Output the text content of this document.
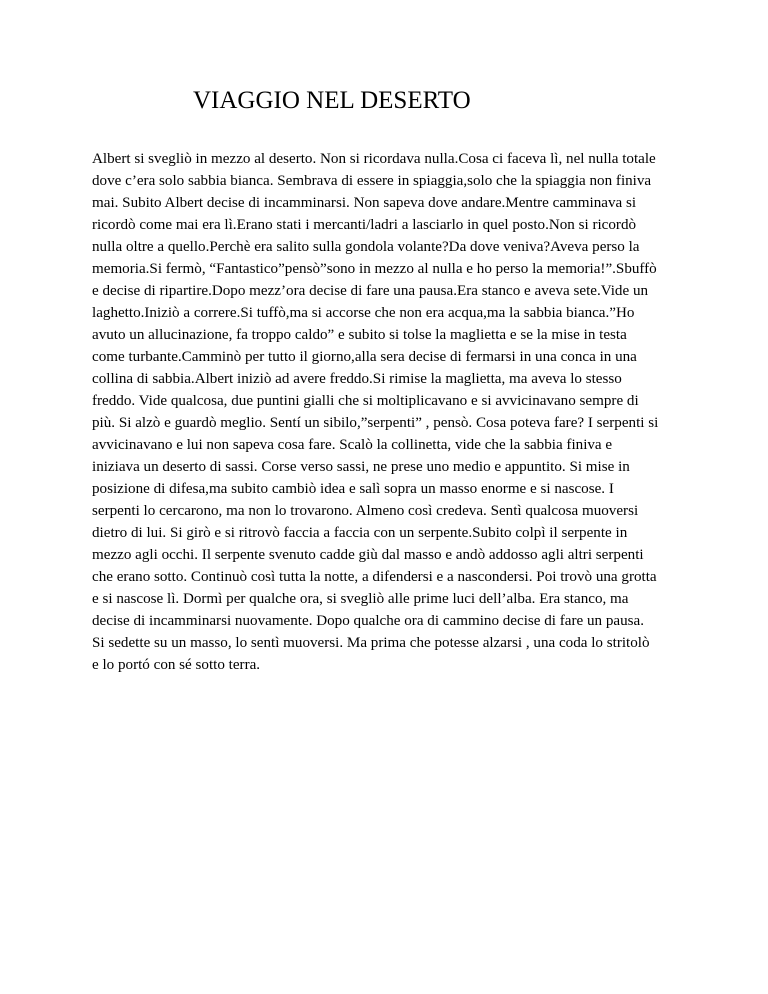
VIAGGIO NEL DESERTO
Albert si svegliò in mezzo al deserto. Non si ricordava nulla.Cosa ci faceva lì, nel nulla totale
dove c’era solo sabbia bianca. Sembrava di essere in spiaggia,solo che la spiaggia non finiva
mai. Subito Albert decise di incamminarsi. Non sapeva dove andare.Mentre camminava si
ricordò come mai era lì.Erano stati i mercanti/ladri a lasciarlo in quel posto.Non si ricordò
nulla oltre a quello.Perchè era salito sulla gondola volante?Da dove veniva?Aveva perso la
memoria.Si fermò, “Fantastico”pensò”sono in mezzo al nulla e ho perso la memoria!”.Sbuffò
e decise di ripartire.Dopo mezz’ora decise di fare una pausa.Era stanco e aveva sete.Vide un
laghetto.Iniziò a correre.Si tuffò,ma si accorse che non era acqua,ma la sabbia bianca.”Ho
avuto un allucinazione, fa troppo caldo” e subito si tolse la maglietta e se la mise in testa
come turbante.Camminò per tutto il giorno,alla sera decise di fermarsi in una conca in una
collina di sabbia.Albert iniziò ad avere freddo.Si rimise la maglietta, ma aveva lo stesso
freddo. Vide qualcosa, due puntini gialli che si moltiplicavano e si avvicinavano sempre di
più. Si alzò e guardò meglio. Sentí un sibilo,”serpenti” , pensò. Cosa poteva fare? I serpenti si
avvicinavano e lui non sapeva cosa fare. Scalò la collinetta, vide che la sabbia finiva e
iniziava un deserto di sassi. Corse verso sassi, ne prese uno medio e appuntito. Si mise in
posizione di difesa,ma subito cambiò idea e salì sopra un masso enorme e si nascose. I
serpenti lo cercarono, ma non lo trovarono. Almeno così credeva. Sentì qualcosa muoversi
dietro di lui. Si girò e si ritrovò faccia a faccia con un serpente.Subito colpì il serpente in
mezzo agli occhi. Il serpente svenuto cadde giù dal masso e andò addosso agli altri serpenti
che erano sotto. Continuò così tutta la notte, a difendersi e a nascondersi. Poi trovò una grotta
e si nascose lì. Dormì per qualche ora, si svegliò alle prime luci dell’alba. Era stanco, ma
decise di incamminarsi nuovamente. Dopo qualche ora di cammino decise di fare un pausa.
Si sedette su un masso, lo sentì muoversi. Ma prima che potesse alzarsi , una coda lo stritolò
e lo portó con sé sotto terra.
